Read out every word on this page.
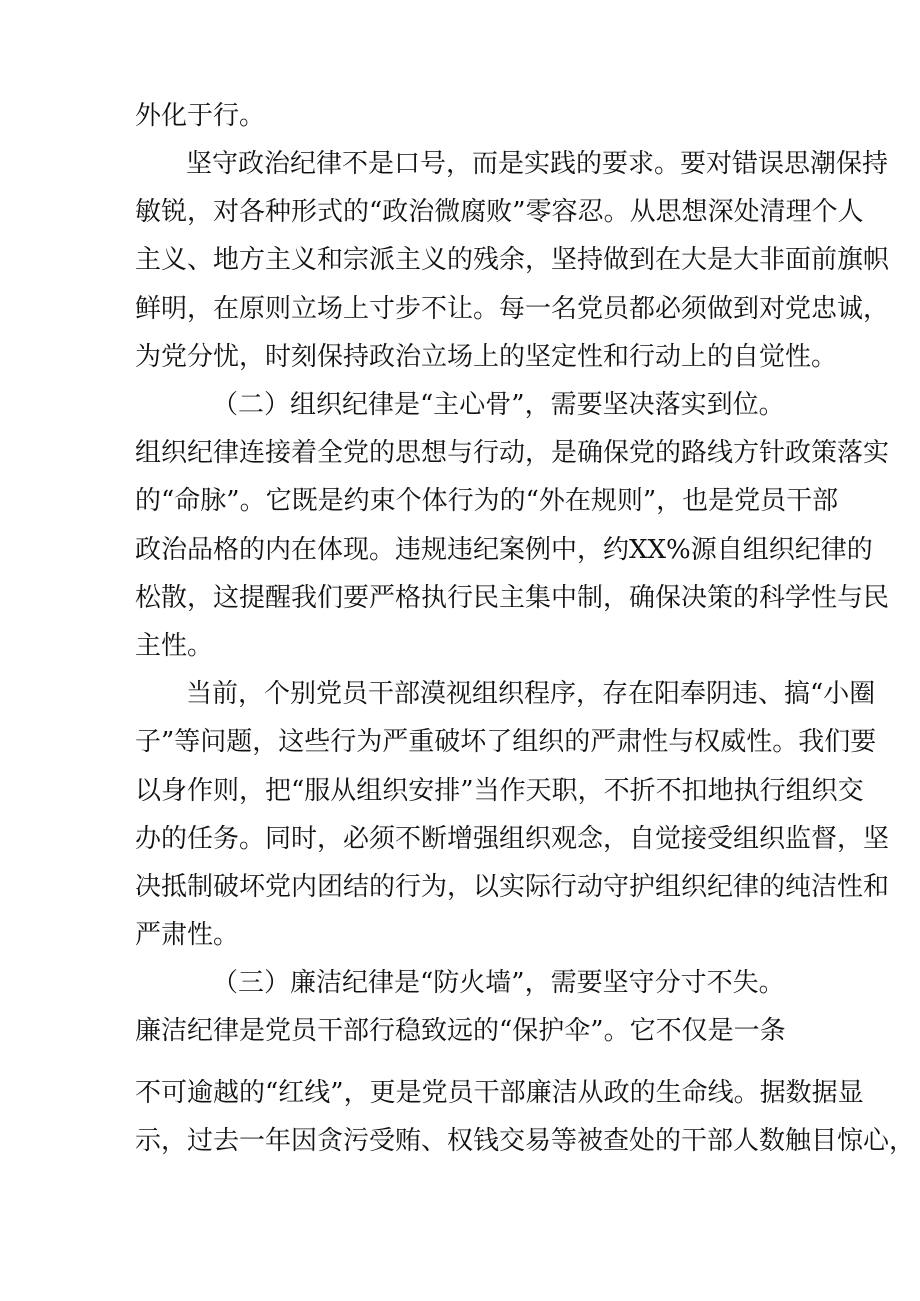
外化于行。
坚守政治纪律不是口号，而是实践的要求。要对错误思潮保持
敏锐，对各种形式的“政治微腐败”零容忍。从思想深处清理个人
主义、地方主义和宗派主义的残余，坚持做到在大是大非面前旗帜
鲜明，在原则立场上寸步不让。每一名党员都必须做到对党忠诚，
为党分忧，时刻保持政治立场上的坚定性和行动上的自觉性。
（二）组织纪律是“主心骨”，需要坚决落实到位。
组织纪律连接着全党的思想与行动，是确保党的路线方针政策落实
的“命脉”。它既是约束个体行为的“外在规则”，也是党员干部
政治品格的内在体现。违规违纪案例中，约XX%源自组织纪律的
松散，这提醒我们要严格执行民主集中制，确保决策的科学性与民
主性。
当前，个别党员干部漠视组织程序，存在阳奉阴违、搞“小圈
子”等问题，这些行为严重破坏了组织的严肃性与权威性。我们要
以身作则，把“服从组织安排”当作天职，不折不扣地执行组织交
办的任务。同时，必须不断增强组织观念，自觉接受组织监督，坚
决抵制破坏党内团结的行为，以实际行动守护组织纪律的纯洁性和
严肃性。
（三）廉洁纪律是“防火墙”，需要坚守分寸不失。
廉洁纪律是党员干部行稳致远的“保护伞”。它不仅是一条
不可逾越的“红线”，更是党员干部廉洁从政的生命线。据数据显
示，过去一年因贪污受贿、权钱交易等被查处的干部人数触目惊心，
